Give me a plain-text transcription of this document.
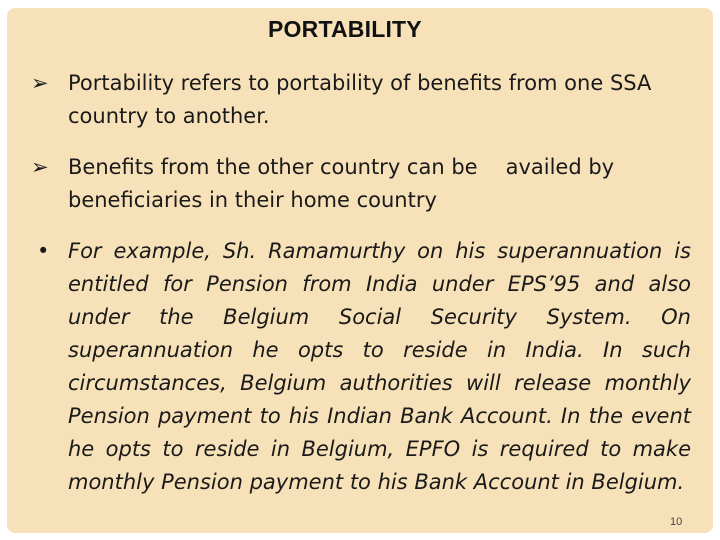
PORTABILITY
➢ Portability refers to portability of benefits from one SSA country to another.
➢ Benefits from the other country can be availed by beneficiaries in their home country
• For example, Sh. Ramamurthy on his superannuation is entitled for Pension from India under EPS’95 and also under the Belgium Social Security System. On superannuation he opts to reside in India. In such circumstances, Belgium authorities will release monthly Pension payment to his Indian Bank Account. In the event he opts to reside in Belgium, EPFO is required to make monthly Pension payment to his Bank Account in Belgium.
10
